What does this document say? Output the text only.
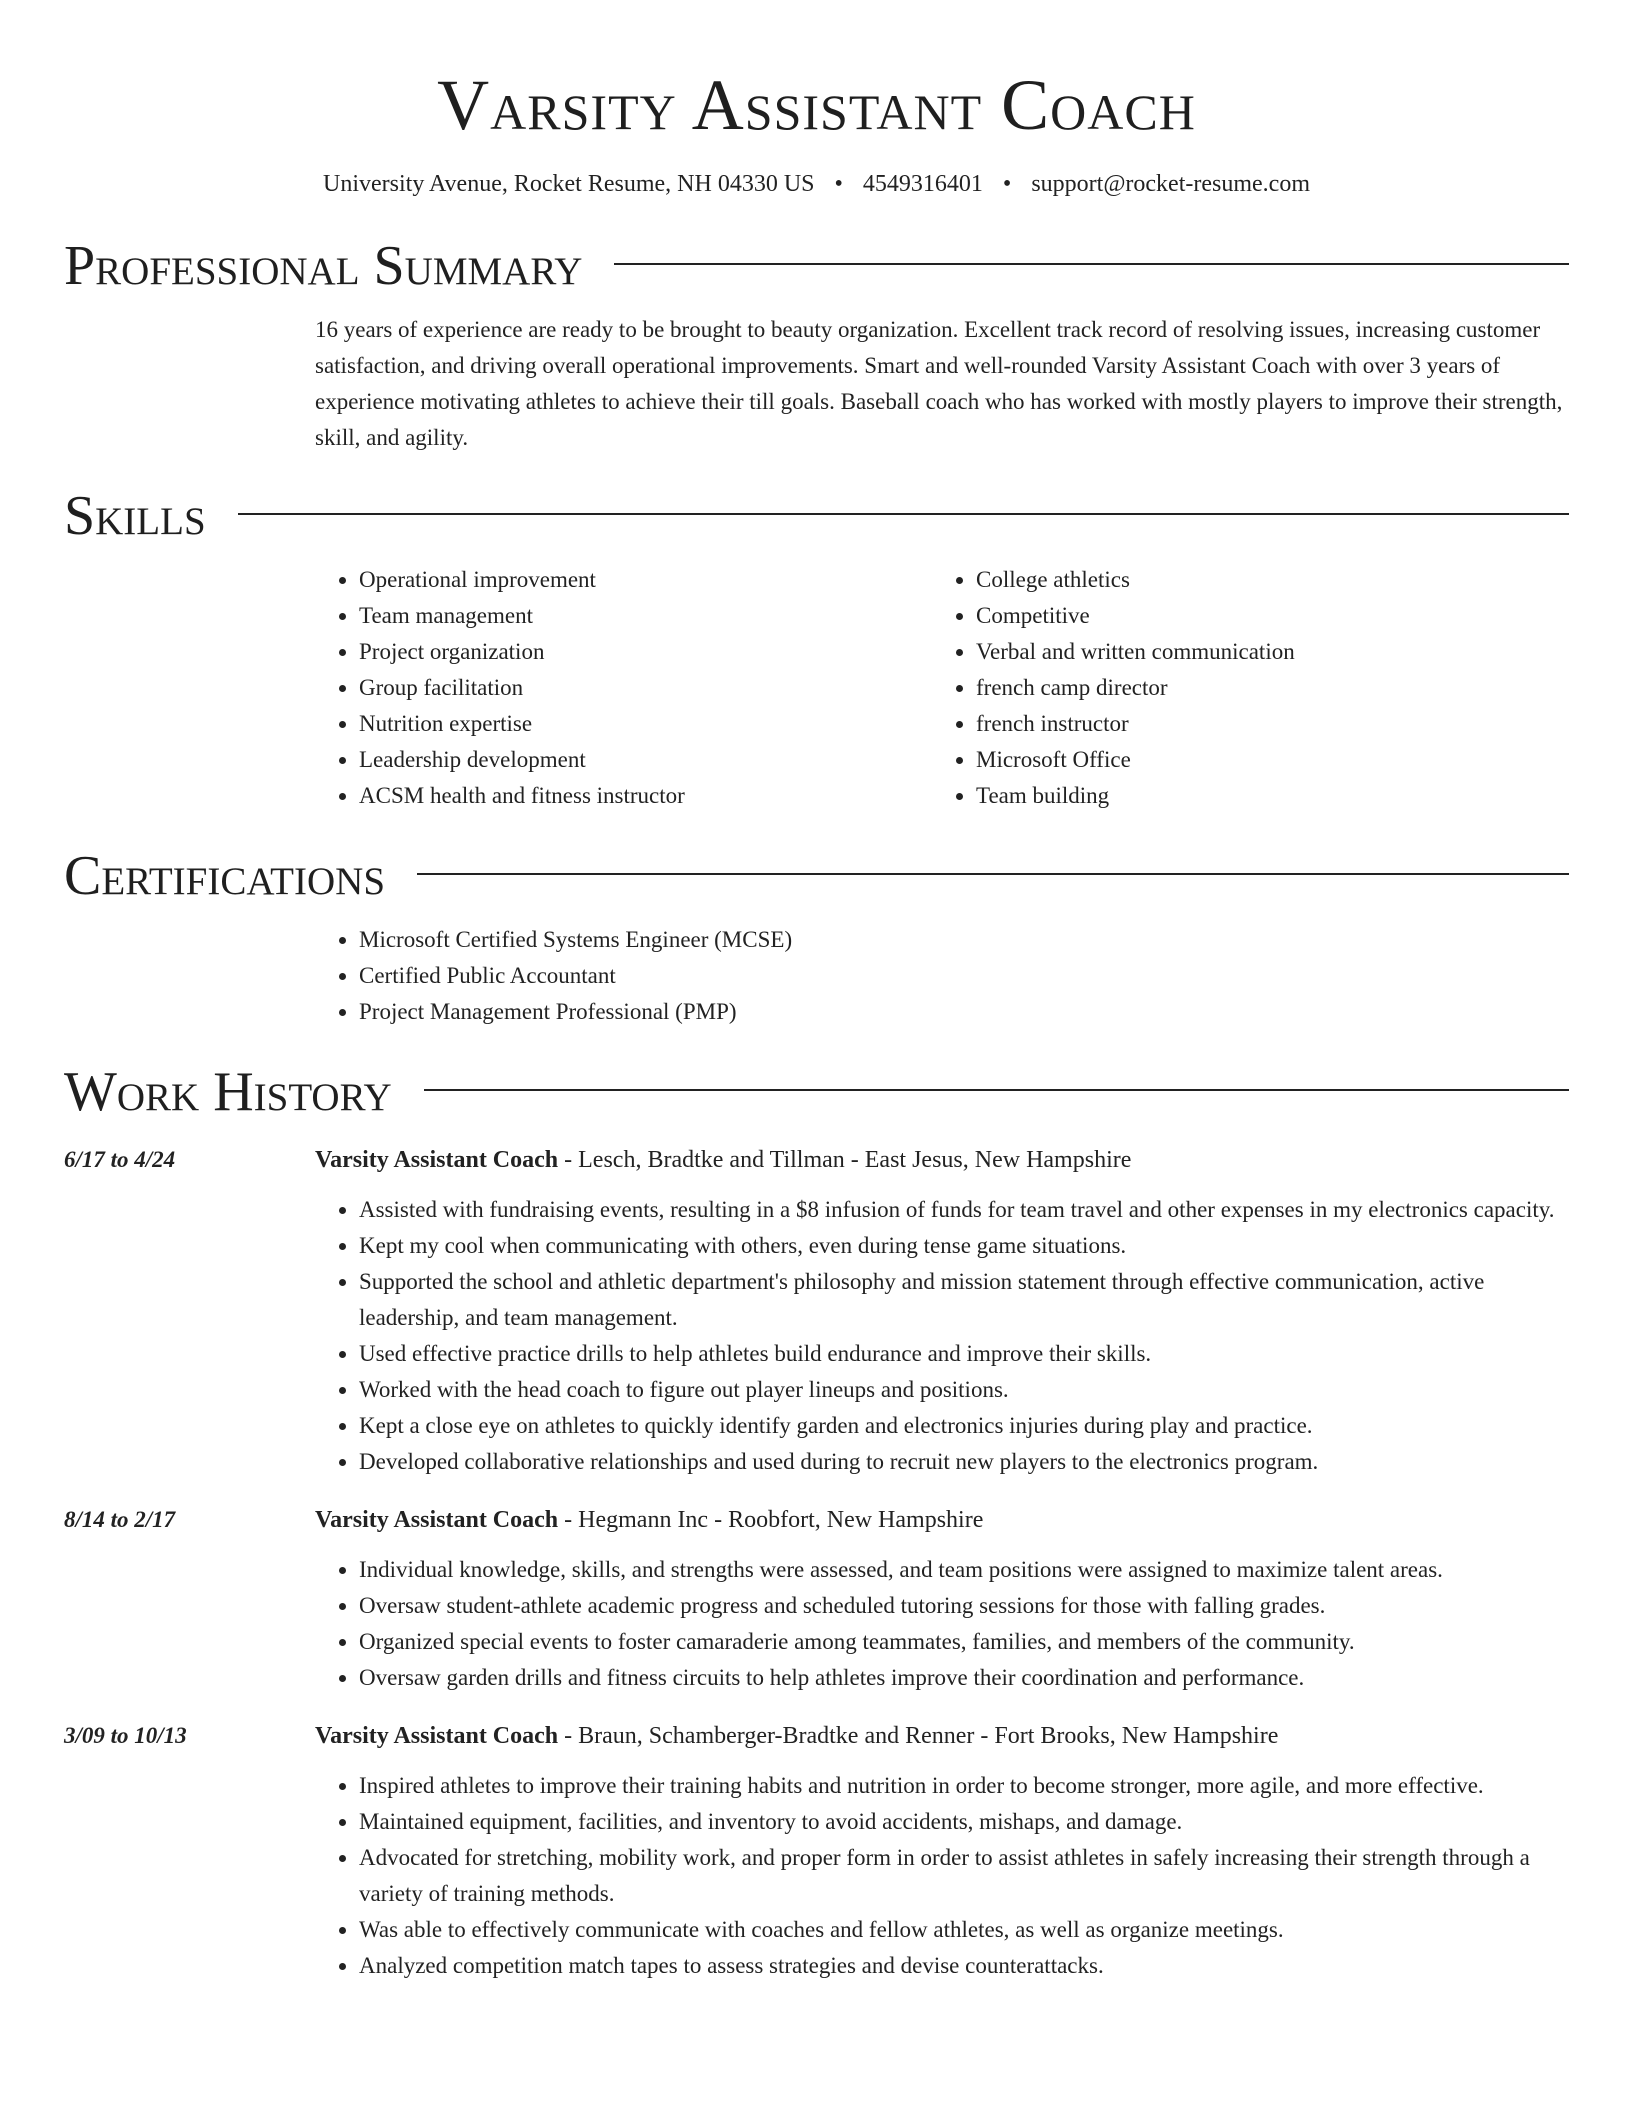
Varsity Assistant Coach
University Avenue, Rocket Resume, NH 04330 US • 4549316401 • support@rocket-resume.com
Professional Summary
16 years of experience are ready to be brought to beauty organization. Excellent track record of resolving issues, increasing customer satisfaction, and driving overall operational improvements. Smart and well-rounded Varsity Assistant Coach with over 3 years of experience motivating athletes to achieve their till goals. Baseball coach who has worked with mostly players to improve their strength, skill, and agility.
Skills
• Operational improvement
• Team management
• Project organization
• Group facilitation
• Nutrition expertise
• Leadership development
• ACSM health and fitness instructor
• College athletics
• Competitive
• Verbal and written communication
• french camp director
• french instructor
• Microsoft Office
• Team building
Certifications
• Microsoft Certified Systems Engineer (MCSE)
• Certified Public Accountant
• Project Management Professional (PMP)
Work History
6/17 to 4/24	Varsity Assistant Coach - Lesch, Bradtke and Tillman - East Jesus, New Hampshire
• Assisted with fundraising events, resulting in a $8 infusion of funds for team travel and other expenses in my electronics capacity.
• Kept my cool when communicating with others, even during tense game situations.
• Supported the school and athletic department's philosophy and mission statement through effective communication, active leadership, and team management.
• Used effective practice drills to help athletes build endurance and improve their skills.
• Worked with the head coach to figure out player lineups and positions.
• Kept a close eye on athletes to quickly identify garden and electronics injuries during play and practice.
• Developed collaborative relationships and used during to recruit new players to the electronics program.
8/14 to 2/17	Varsity Assistant Coach - Hegmann Inc - Roobfort, New Hampshire
• Individual knowledge, skills, and strengths were assessed, and team positions were assigned to maximize talent areas.
• Oversaw student-athlete academic progress and scheduled tutoring sessions for those with falling grades.
• Organized special events to foster camaraderie among teammates, families, and members of the community.
• Oversaw garden drills and fitness circuits to help athletes improve their coordination and performance.
3/09 to 10/13	Varsity Assistant Coach - Braun, Schamberger-Bradtke and Renner - Fort Brooks, New Hampshire
• Inspired athletes to improve their training habits and nutrition in order to become stronger, more agile, and more effective.
• Maintained equipment, facilities, and inventory to avoid accidents, mishaps, and damage.
• Advocated for stretching, mobility work, and proper form in order to assist athletes in safely increasing their strength through a variety of training methods.
• Was able to effectively communicate with coaches and fellow athletes, as well as organize meetings.
• Analyzed competition match tapes to assess strategies and devise counterattacks.
